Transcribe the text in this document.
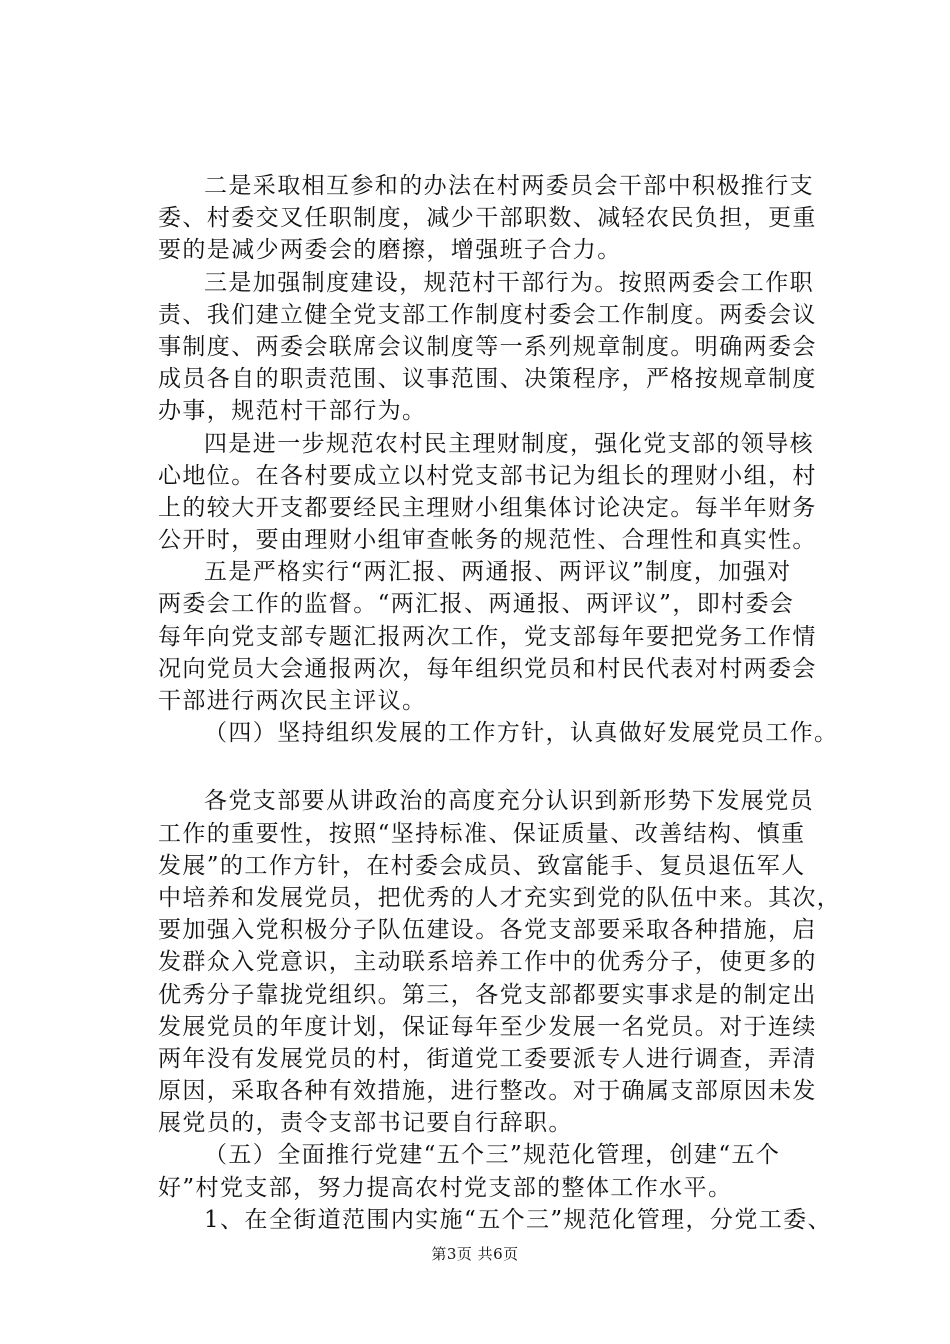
二是采取相互参和的办法在村两委员会干部中积极推行支
委、村委交叉任职制度，减少干部职数、减轻农民负担，更重
要的是减少两委会的磨擦，增强班子合力。
三是加强制度建设，规范村干部行为。按照两委会工作职
责、我们建立健全党支部工作制度村委会工作制度。两委会议
事制度、两委会联席会议制度等一系列规章制度。明确两委会
成员各自的职责范围、议事范围、决策程序，严格按规章制度
办事，规范村干部行为。
四是进一步规范农村民主理财制度，强化党支部的领导核
心地位。在各村要成立以村党支部书记为组长的理财小组，村
上的较大开支都要经民主理财小组集体讨论决定。每半年财务
公开时，要由理财小组审查帐务的规范性、合理性和真实性。
五是严格实行“两汇报、两通报、两评议”制度，加强对
两委会工作的监督。“两汇报、两通报、两评议”，即村委会
每年向党支部专题汇报两次工作，党支部每年要把党务工作情
况向党员大会通报两次，每年组织党员和村民代表对村两委会
干部进行两次民主评议。
（四）坚持组织发展的工作方针，认真做好发展党员工作。
各党支部要从讲政治的高度充分认识到新形势下发展党员
工作的重要性，按照“坚持标准、保证质量、改善结构、慎重
发展”的工作方针，在村委会成员、致富能手、复员退伍军人
中培养和发展党员，把优秀的人才充实到党的队伍中来。其次，
要加强入党积极分子队伍建设。各党支部要采取各种措施，启
发群众入党意识，主动联系培养工作中的优秀分子，使更多的
优秀分子靠拢党组织。第三，各党支部都要实事求是的制定出
发展党员的年度计划，保证每年至少发展一名党员。对于连续
两年没有发展党员的村，街道党工委要派专人进行调查，弄清
原因，采取各种有效措施，进行整改。对于确属支部原因未发
展党员的，责令支部书记要自行辞职。
（五）全面推行党建“五个三”规范化管理，创建“五个
好”村党支部，努力提高农村党支部的整体工作水平。
1、在全街道范围内实施“五个三”规范化管理，分党工委、
第3页 共6页
